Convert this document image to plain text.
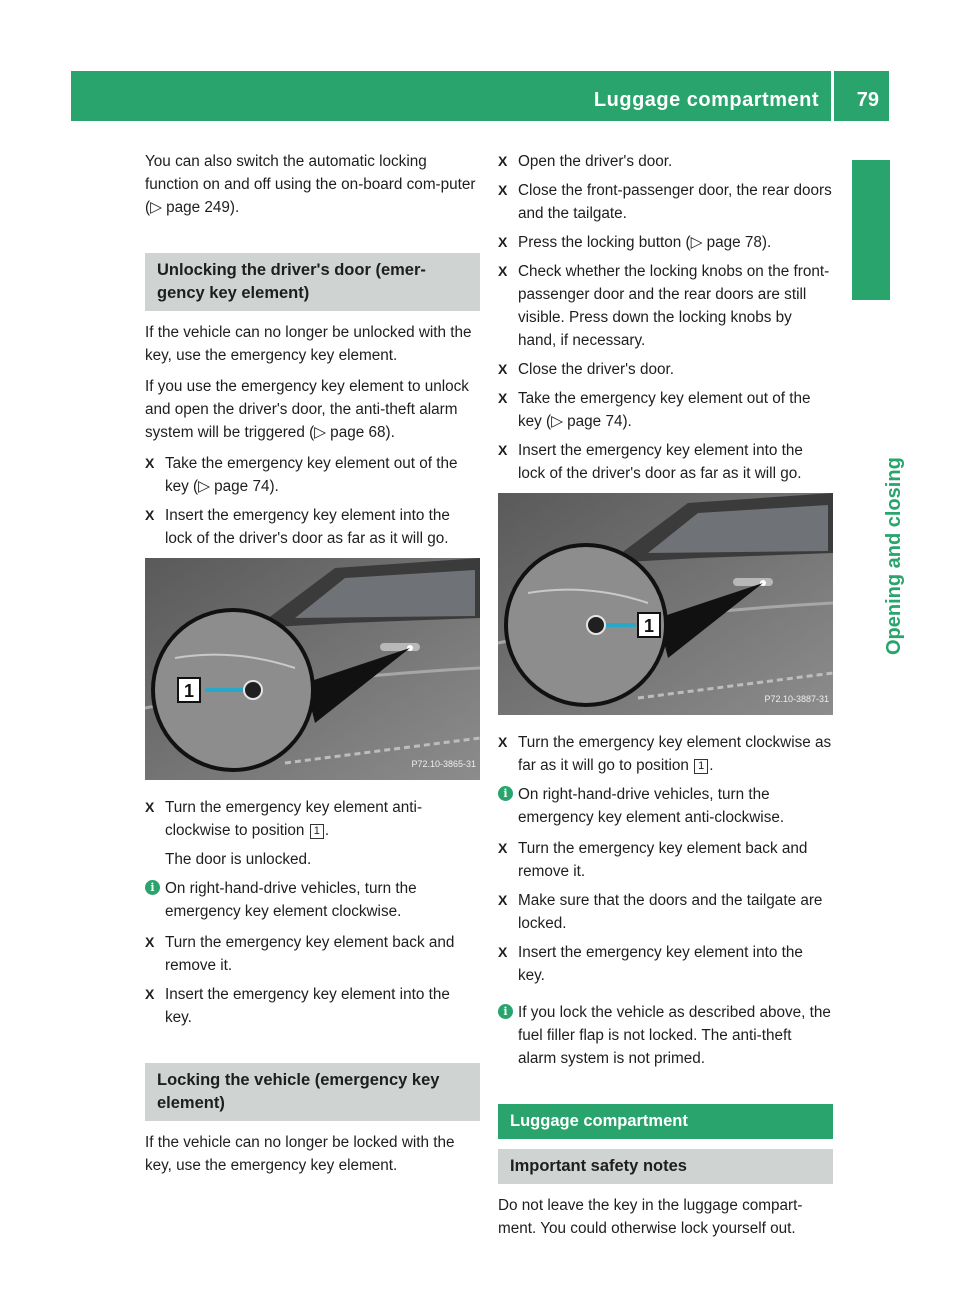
Luggage compartment 79
Opening and closing

You can also switch the automatic locking function on and off using the on-board com-puter (▷ page 249).

Unlocking the driver's door (emer-gency key element)

If the vehicle can no longer be unlocked with the key, use the emergency key element.

If you use the emergency key element to unlock and open the driver's door, the anti-theft alarm system will be triggered (▷ page 68).

X Take the emergency key element out of the key (▷ page 74).
X Insert the emergency key element into the lock of the driver's door as far as it will go.
1
P72.10-3865-31
X Turn the emergency key element anti-clockwise to position 1 .
The door is unlocked.
i On right-hand-drive vehicles, turn the emergency key element clockwise.
X Turn the emergency key element back and remove it.
X Insert the emergency key element into the key.
Locking the vehicle (emergency key element)

If the vehicle can no longer be locked with the key, use the emergency key element.

X Open the driver's door.
X Close the front-passenger door, the rear doors and the tailgate.
X Press the locking button (▷ page 78).
X Check whether the locking knobs on the front-passenger door and the rear doors are still visible. Press down the locking knobs by hand, if necessary.
X Close the driver's door.
X Take the emergency key element out of the key (▷ page 74).
X Insert the emergency key element into the lock of the driver's door as far as it will go.
1
P72.10-3887-31
X Turn the emergency key element clockwise as far as it will go to position 1 .
i On right-hand-drive vehicles, turn the emergency key element anti-clockwise.
X Turn the emergency key element back and remove it.
X Make sure that the doors and the tailgate are locked.
X Insert the emergency key element into the key.
i If you lock the vehicle as described above, the fuel filler flap is not locked. The anti-theft alarm system is not primed.
Luggage compartment
Important safety notes

Do not leave the key in the luggage compart-ment. You could otherwise lock yourself out.
